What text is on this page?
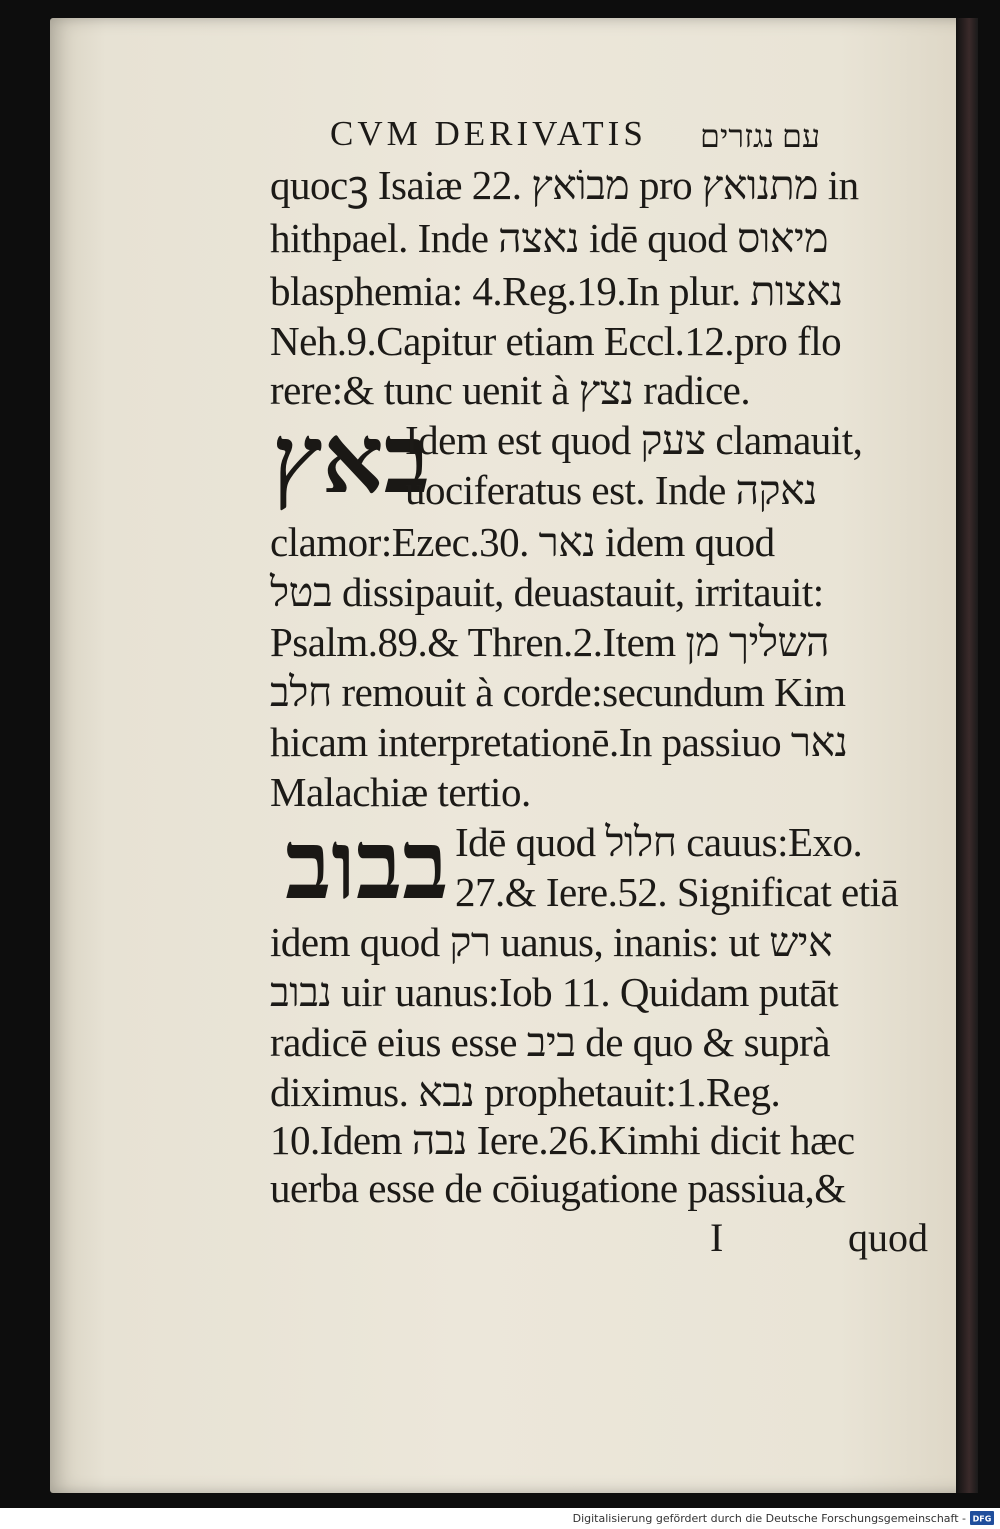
CVM DERIVATIS עם נגזרים
quocꝫ Isaiæ 22. מבוֹאץ pro מתנואץ in
hithpael. Inde נאצה idē quod מיאוס
blasphemia: 4.Reg.19.In plur. נאצות
Neh.9.Capitur etiam Eccl.12.pro flo
rere:& tunc uenit à נצץ radice.
באץ
Idem est quod צעק clamauit,
uociferatus est. Inde נאקה
clamor:Ezec.30. נאר idem quod
בטל dissipauit, deuastauit, irritauit:
Psalm.89.& Thren.2.Item השליך מן
חלב remouit à corde:secundum Kim
hicam interpretationē.In passiuo נאר
Malachiæ tertio.
בבוב Idē quod חלול cauus:Exo.
27.& Iere.52. Significat etiā
idem quod רק uanus, inanis: ut איש
נבוב uir uanus:Iob 11. Quidam putāt
radicē eius esse ביב de quo & suprà
diximus. נבא prophetauit:1.Reg.
10.Idem נבה Iere.26.Kimhi dicit hæc
uerba esse de cōiugatione passiua,&
I	quod
Digitalisierung gefördert durch die Deutsche Forschungsgemeinschaft - DFG
